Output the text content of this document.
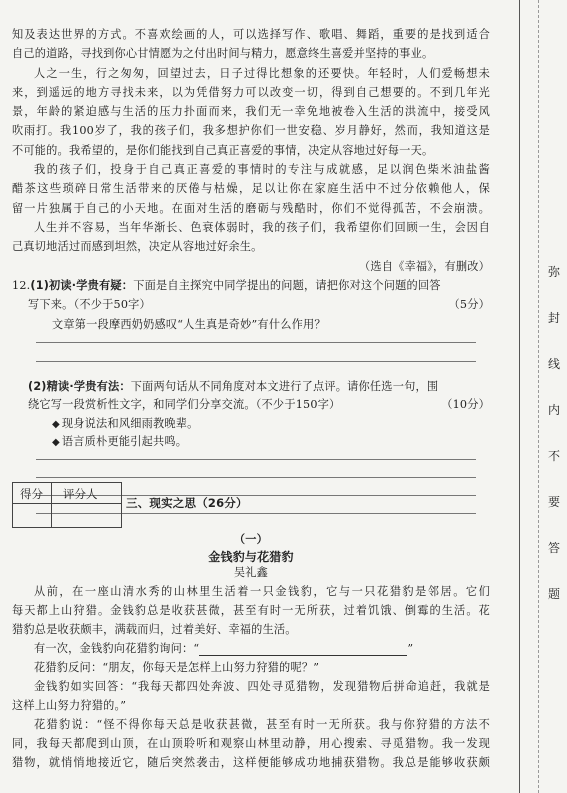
知及表达世界的方式。不喜欢绘画的人，可以选择写作、歌唱、舞蹈，重要的是找到适合
自己的道路，寻找到你心甘情愿为之付出时间与精力，愿意终生喜爱并坚持的事业。
人之一生，行之匆匆，回望过去，日子过得比想象的还要快。年轻时，人们爱畅想未
来，到遥远的地方寻找未来，以为凭借努力可以改变一切，得到自己想要的。不到几年光
景，年龄的紧迫感与生活的压力扑面而来，我们无一幸免地被卷入生活的洪流中，接受风
吹雨打。我100岁了，我的孩子们，我多想护你们一世安稳、岁月静好，然而，我知道这是
不可能的。我希望的，是你们能找到自己真正喜爱的事情，决定从容地过好每一天。
我的孩子们，投身于自己真正喜爱的事情时的专注与成就感，足以润色柴米油盐酱
醋茶这些琐碎日常生活带来的厌倦与枯燥，足以让你在家庭生活中不过分依赖他人，保
留一片独属于自己的小天地。在面对生活的磨砺与残酷时，你们不觉得孤苦，不会崩溃。
人生并不容易，当年华渐长、色衰体弱时，我的孩子们，我希望你们回顾一生，会因自
己真切地活过而感到坦然，决定从容地过好余生。
（选自《幸福》，有删改）
12.(1)初读·学贵有疑：下面是自主探究中同学提出的问题，请把你对这个问题的回答
写下来。（不少于50字）	（5分）
文章第一段摩西奶奶感叹“人生真是奇妙”有什么作用？
(2)精读·学贵有法：下面两句话从不同角度对本文进行了点评。请你任选一句，围
绕它写一段赏析性文字，和同学们分享交流。（不少于150字）	（10分）
◆ 现身说法和风细雨教晚辈。
◆ 语言质朴更能引起共鸣。
得分 评分人
三、现实之思（26分）
（一）
金钱豹与花猎豹
吴礼鑫
从前，在一座山清水秀的山林里生活着一只金钱豹，它与一只花猎豹是邻居。它们
每天都上山狩猎。金钱豹总是收获甚微，甚至有时一无所获，过着饥饿、倒霉的生活。花
猎豹总是收获颇丰，满载而归，过着美好、幸福的生活。
有一次，金钱豹向花猎豹询问：“	”
花猎豹反问：“朋友，你每天是怎样上山努力狩猎的呢？”
金钱豹如实回答：“我每天都四处奔波、四处寻觅猎物，发现猎物后拼命追赶，我就是
这样上山努力狩猎的。”
花猎豹说：“怪不得你每天总是收获甚微，甚至有时一无所获。我与你狩猎的方法不
同，我每天都爬到山顶，在山顶聆听和观察山林里动静，用心搜索、寻觅猎物。我一发现
猎物，就悄悄地接近它，随后突然袭击，这样便能够成功地捕获猎物。我总是能够收获颇
弥
封
线
内
不
要
答
题
